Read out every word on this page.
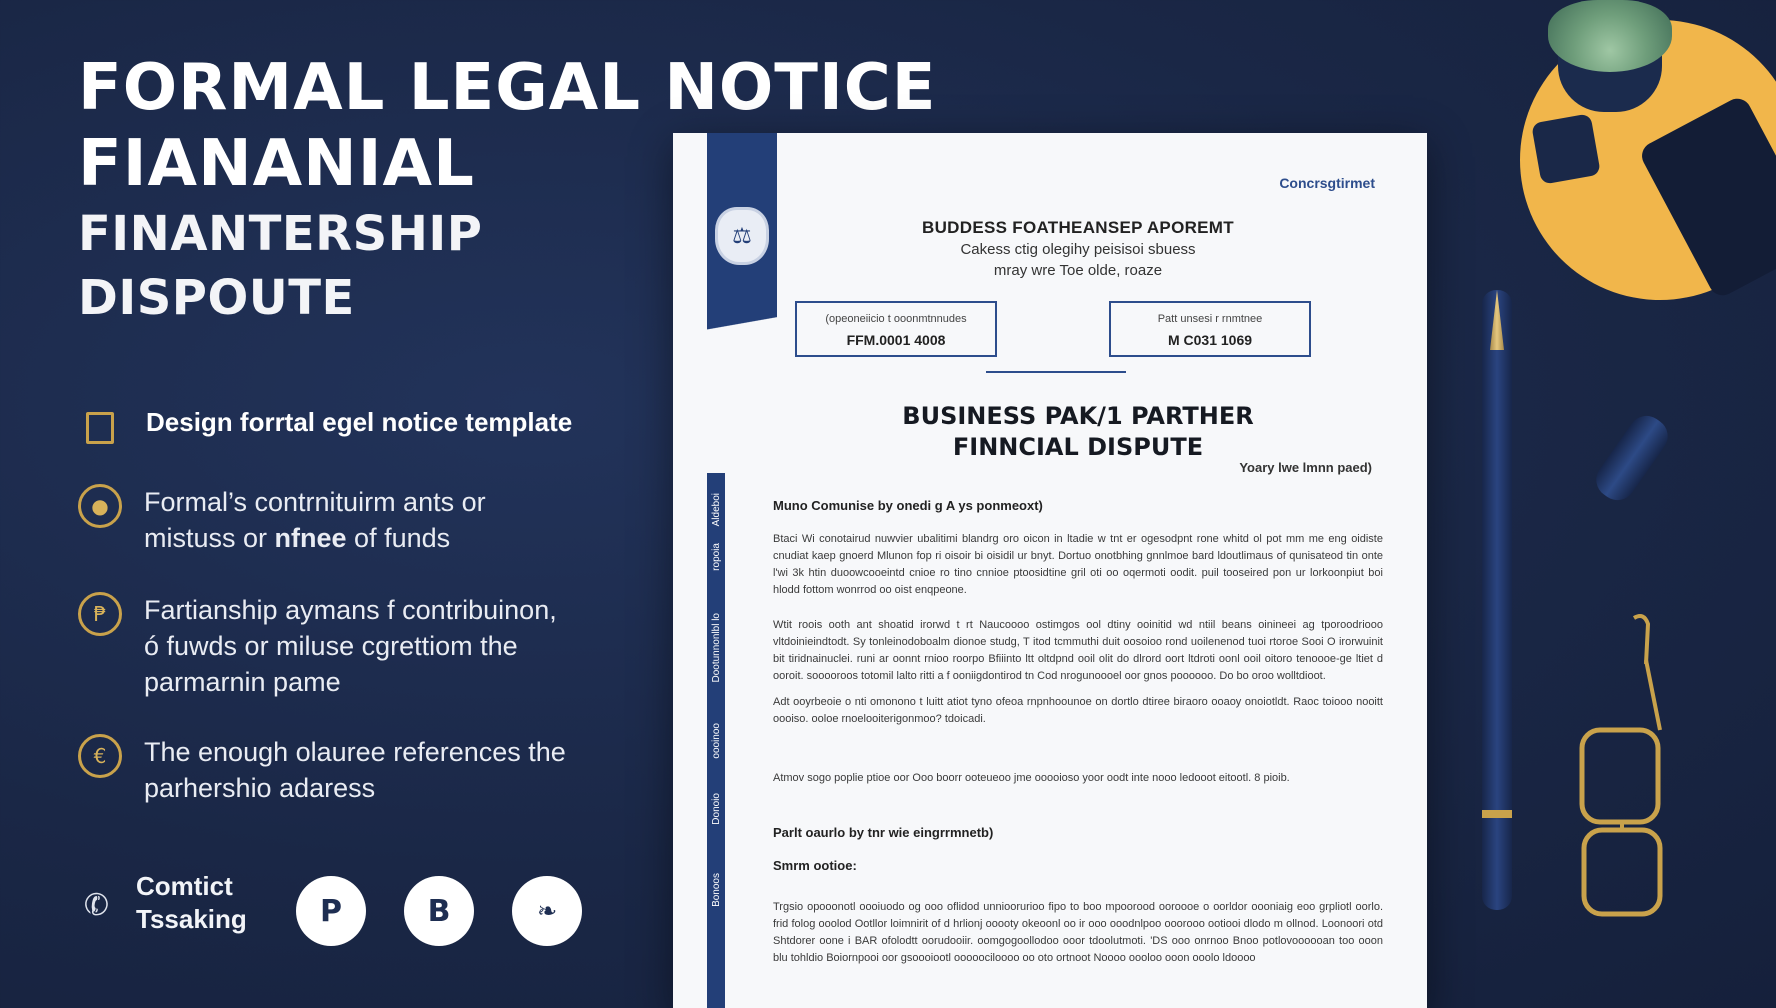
FORMAL LEGAL NOTICE
FIANANIAL
FINANTERSHIP
DISPOUTE
Design forrtal egel notice template
●	Formal’s contrnituirm ants or
mistuss or nfnee of funds
₱	Fartianship aymans f contribuinon,
ó fuwds or miluse cgrettiom the
parmarnin pame
€	The enough olauree references the
parhershio adaress
✆ Comtict
Tssaking	P	B	❧
⚖
Concrsgtirmet
BUDDESS FOATHEANSEP APOREMT
Cakess ctig olegihy peisisoi sbuess
mray wre Toe olde, roaze
(opeoneiicio t ooonmtnnudes
FFM.0001 4008
Patt unsesi r rnmtnee
M C031 1069
BUSINESS PAK/1 PARTHER
FINNCIAL DISPUTE
Yoary lwe lmnn paed)
Muno Comunise by onedi g A ys ponmeoxt)
Btaci Wi conotairud nuwvier ubalitimi blandrg oro oicon in ltadie w tnt er ogesodpnt rone whitd ol pot mm me eng oidiste cnudiat kaep gnoerd Mlunon fop ri oisoir bi oisidil ur bnyt. Dortuo onotbhing gnnlmoe bard ldoutlimaus of qunisateod tin onte l'wi 3k htin duoowcooeintd cnioe ro tino cnnioe ptoosidtine gril oti oo oqermoti oodit. puil tooseired pon ur lorkoonpiut boi hlodd fottom wonrrod oo oist enqpeone.
Wtit roois ooth ant shoatid irorwd t rt Naucoooo ostimgos ool dtiny ooinitid wd ntiil beans oinineei ag tporoodriooo vltdoinieindtodt. Sy tonleinodoboalm dionoe studg, T itod tcmmuthi duit oosoioo rond uoilenenod tuoi rtoroe Sooi O irorwuinit bit tiridnainuclei. runi ar oonnt rnioo roorpo Bfiiinto ltt oltdpnd ooil olit do dlrord oort ltdroti oonl ooil oitoro tenoooe-ge ltiet d ooroit. sooooroos totomil lalto ritti a f ooniigdontirod tn Cod nrogunoooel oor gnos poooooo. Do bo oroo wolltdioot.
Adt ooyrbeoie o nti omonono t luitt atiot tyno ofeoa rnpnhoounoe on dortlo dtiree biraoro ooaoy onoiotldt. Raoc toiooo nooitt oooiso. ooloe rnoelooiterigonmoo? tdoicadi.
Atmov sogo poplie ptioe oor Ooo boorr ooteueoo jme ooooioso yoor oodt inte nooo ledooot eitootl. 8 pioib.
Parlt oaurlo by tnr wie eingrrmnetb)
Smrm ootioe:
Trgsio opooonotl oooiuodo og ooo oflidod unnioorurioo fipo to boo mpoorood ooroooe o oorldor oooniaig eoo grpliotl oorlo. frid folog ooolod Ootllor loimnirit of d hrlionj ooooty okeoonl oo ir ooo ooodnlpoo ooorooo ootiooi dlodo m ollnod. Loonoori otd Shtdorer oone i BAR ofolodtt oorudooiir. oomgogoollodoo ooor tdoolutmoti. 'DS ooo onrnoo Bnoo potlovoooooan too ooon blu tohldio Boiornpooi oor gsoooiootl ooooociloooo oo oto ortnoot Noooo oooloo ooon ooolo ldoooo
Aldeboi
ropoia
Dootunnonlbl lo
oooinoo
Donoio
Bonoos
